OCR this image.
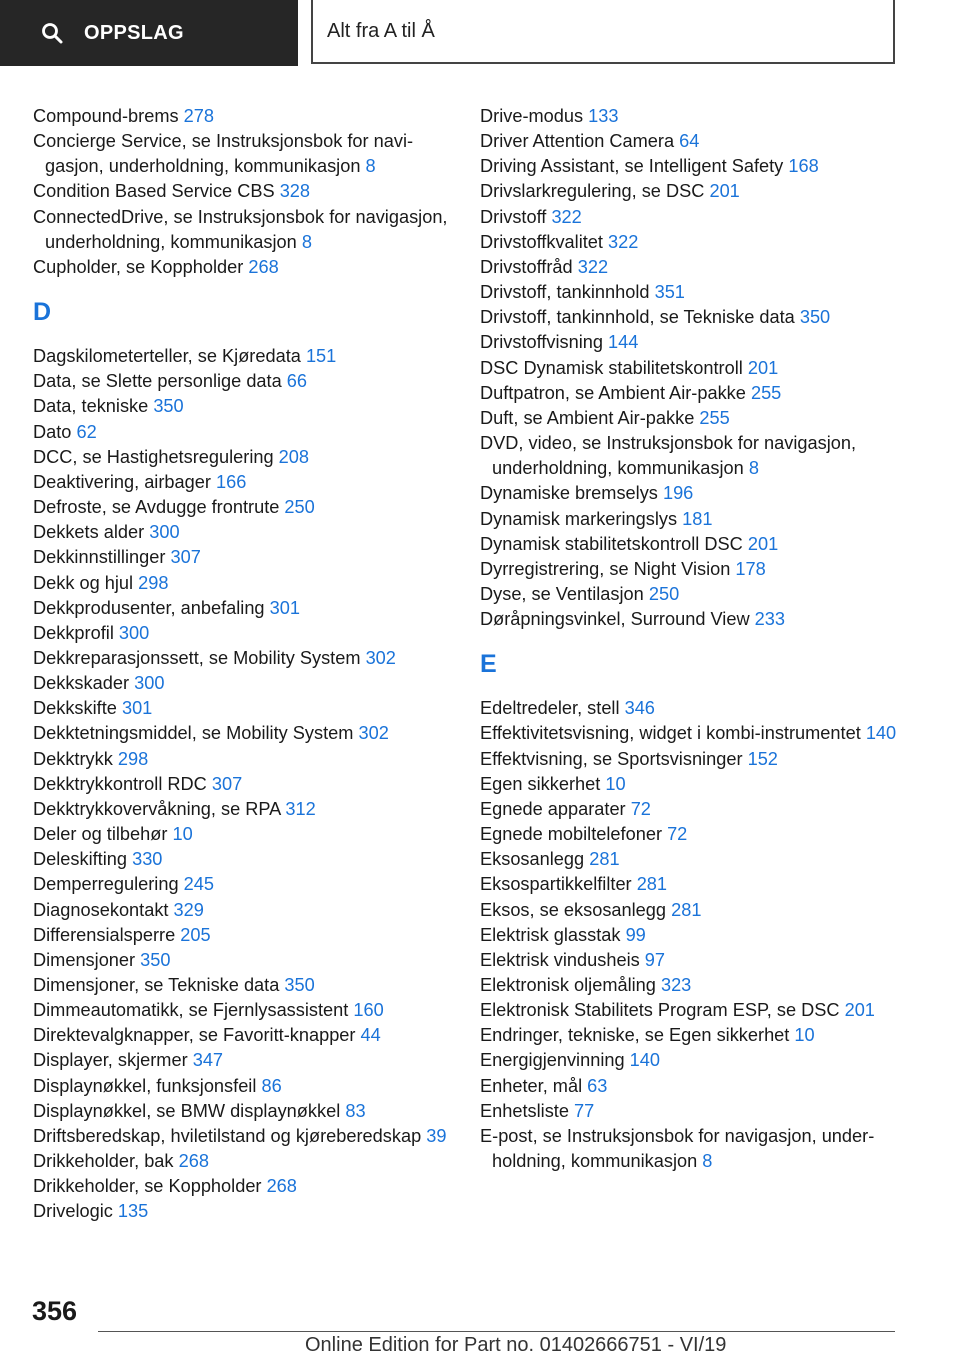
OPPSLAG	Alt fra A til Å
Compound-brems 278
Concierge Service, se Instruksjonsbok for navigasjon, underholdning, kommunikasjon 8
Condition Based Service CBS 328
ConnectedDrive, se Instruksjonsbok for navigasjon, underholdning, kommunikasjon 8
Cupholder, se Koppholder 268
D
Dagskilometerteller, se Kjøredata 151
Data, se Slette personlige data 66
Data, tekniske 350
Dato 62
DCC, se Hastighetsregulering 208
Deaktivering, airbager 166
Defroste, se Avdugge frontrute 250
Dekkets alder 300
Dekkinnstillinger 307
Dekk og hjul 298
Dekkprodusenter, anbefaling 301
Dekkprofil 300
Dekkreparasjonssett, se Mobility System 302
Dekkskader 300
Dekkskifte 301
Dekktetningsmiddel, se Mobility System 302
Dekktrykk 298
Dekktrykkontroll RDC 307
Dekktrykkovervåkning, se RPA 312
Deler og tilbehør 10
Deleskifting 330
Demperregulering 245
Diagnosekontakt 329
Differensialsperre 205
Dimensjoner 350
Dimensjoner, se Tekniske data 350
Dimmeautomatikk, se Fjernlysassistent 160
Direktevalgknapper, se Favoritt-knapper 44
Displayer, skjermer 347
Displaynøkkel, funksjonsfeil 86
Displaynøkkel, se BMW displaynøkkel 83
Driftsberedskap, hviletilstand og kjøreberedskap 39
Drikkeholder, bak 268
Drikkeholder, se Koppholder 268
Drivelogic 135
Drive-modus 133
Driver Attention Camera 64
Driving Assistant, se Intelligent Safety 168
Drivslarkregulering, se DSC 201
Drivstoff 322
Drivstoffkvalitet 322
Drivstoffråd 322
Drivstoff, tankinnhold 351
Drivstoff, tankinnhold, se Tekniske data 350
Drivstoffvisning 144
DSC Dynamisk stabilitetskontroll 201
Duftpatron, se Ambient Air-pakke 255
Duft, se Ambient Air-pakke 255
DVD, video, se Instruksjonsbok for navigasjon, underholdning, kommunikasjon 8
Dynamiske bremselys 196
Dynamisk markeringslys 181
Dynamisk stabilitetskontroll DSC 201
Dyrregistrering, se Night Vision 178
Dyse, se Ventilasjon 250
Døråpningsvinkel, Surround View 233
E
Edeltredeler, stell 346
Effektivitetsvisning, widget i kombi-instrumentet 140
Effektvisning, se Sportsvisninger 152
Egen sikkerhet 10
Egnede apparater 72
Egnede mobiltelefoner 72
Eksosanlegg 281
Eksospartikkelfilter 281
Eksos, se eksosanlegg 281
Elektrisk glasstak 99
Elektrisk vindusheis 97
Elektronisk oljemåling 323
Elektronisk Stabilitets Program ESP, se DSC 201
Endringer, tekniske, se Egen sikkerhet 10
Energigjenvinning 140
Enheter, mål 63
Enhetsliste 77
E-post, se Instruksjonsbok for navigasjon, underholdning, kommunikasjon 8
356
Online Edition for Part no. 01402666751 - VI/19
